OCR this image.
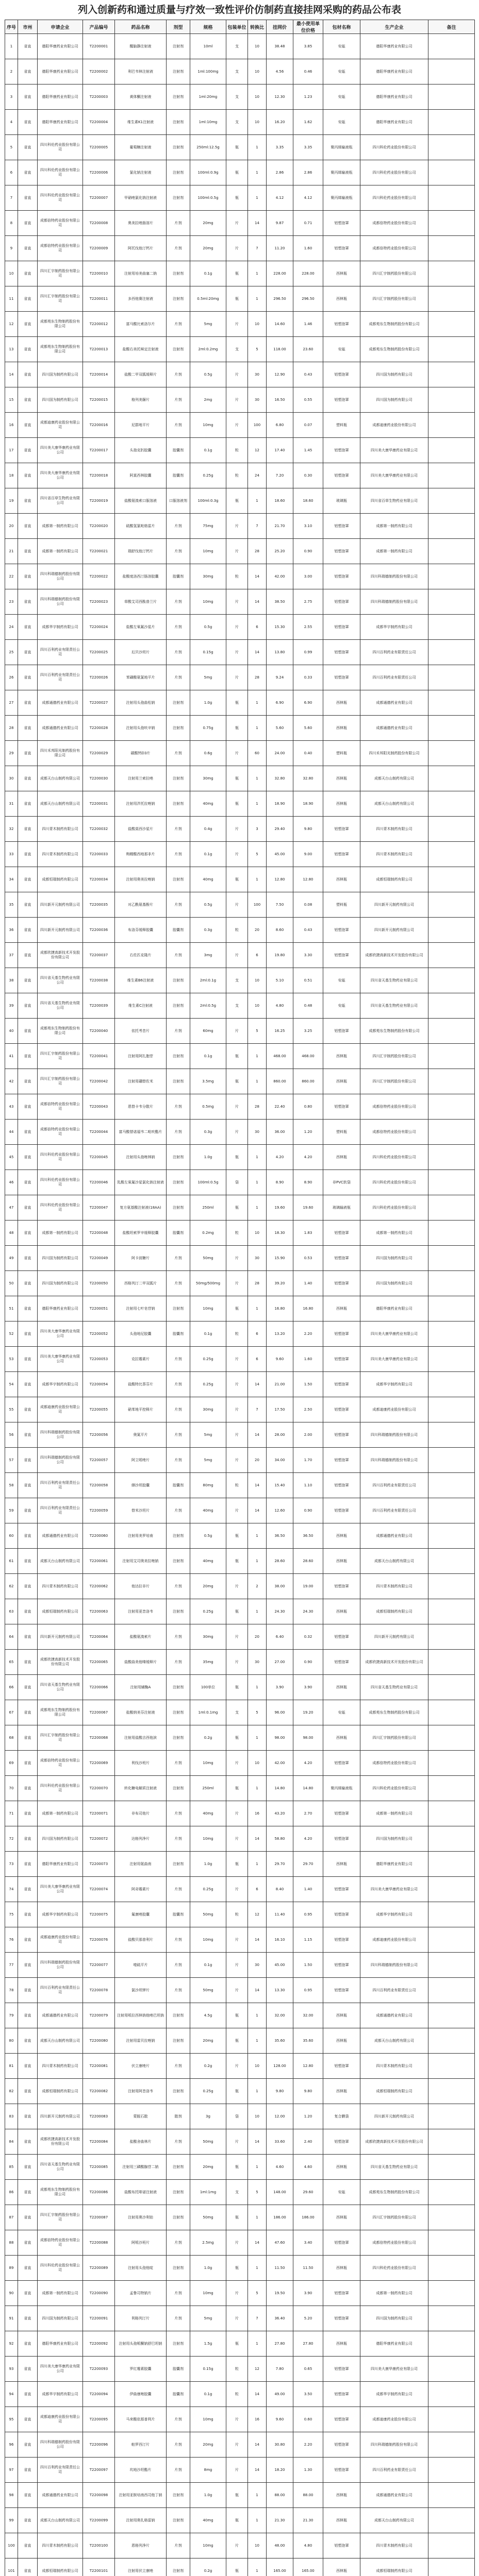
列入创新药和通过质量与疗效一致性评价仿制药直接挂网采购的药品公布表
序号	市州	申请企业	产品编号	药品名称	剂型	规格	包装单位	转换比	挂网价	最小使用单位价格	包材名称	生产企业	备注
1	省直	德阳华康药业有限公司	T2200001	醒脑静注射液	注射剂	10ml	支	10	38.48	3.85	安瓿	德阳华康药业有限公司	
2	省直	德阳华康药业有限公司	T2200002	利巴韦林注射液	注射剂	1ml:100mg	支	10	4.56	0.46	安瓿	德阳华康药业有限公司	
3	省直	德阳华康药业有限公司	T2200003	黄体酮注射液	注射剂	1ml:20mg	支	10	12.30	1.23	安瓿	德阳华康药业有限公司	
4	省直	德阳华康药业有限公司	T2200004	维生素K1注射液	注射剂	1ml:10mg	支	10	16.20	1.62	安瓿	德阳华康药业有限公司	
5	省直	四川科伦药业股份有限公司	T2200005	葡萄糖注射液	注射剂	250ml:12.5g	瓶	1	3.35	3.35	聚丙烯输液瓶	四川科伦药业股份有限公司	
6	省直	四川科伦药业股份有限公司	T2200006	氯化钠注射液	注射剂	100ml:0.9g	瓶	1	2.86	2.86	聚丙烯输液瓶	四川科伦药业股份有限公司	
7	省直	四川科伦药业股份有限公司	T2200007	甲硝唑氯化钠注射液	注射剂	100ml:0.5g	瓶	1	4.12	4.12	聚丙烯输液瓶	四川科伦药业股份有限公司	
8	省直	成都倍特药业股份有限公司	T2200008	奥美拉唑肠溶片	片剂	20mg	片	14	9.87	0.71	铝塑泡罩	成都倍特药业股份有限公司	
9	省直	成都倍特药业股份有限公司	T2200009	阿托伐他汀钙片	片剂	20mg	片	7	11.20	1.60	铝塑泡罩	成都倍特药业股份有限公司	
10	省直	四川汇宇制药股份有限公司	T2200010	注射用培美曲塞二钠	注射剂	0.1g	瓶	1	228.00	228.00	西林瓶	四川汇宇制药股份有限公司	
11	省直	四川汇宇制药股份有限公司	T2200011	多西他赛注射液	注射剂	0.5ml:20mg	瓶	1	296.50	296.50	西林瓶	四川汇宇制药股份有限公司	
12	省直	成都苑东生物制药股份有限公司	T2200012	富马酸比索洛尔片	片剂	5mg	片	10	14.60	1.46	铝塑泡罩	成都苑东生物制药股份有限公司	
13	省直	成都苑东生物制药股份有限公司	T2200013	盐酸右美托咪定注射液	注射剂	2ml:0.2mg	支	5	118.00	23.60	安瓿	成都苑东生物制药股份有限公司	
14	省直	四川国为制药有限公司	T2200014	盐酸二甲双胍缓释片	片剂	0.5g	片	30	12.90	0.43	铝塑泡罩	四川国为制药有限公司	
15	省直	四川国为制药有限公司	T2200015	格列美脲片	片剂	2mg	片	30	16.50	0.55	铝塑泡罩	四川国为制药有限公司	
16	省直	成都迪康药业股份有限公司	T2200016	尼群地平片	片剂	10mg	片	100	6.80	0.07	塑料瓶	成都迪康药业股份有限公司	
17	省直	四川美大康华康药业有限公司	T2200017	头孢克肟胶囊	胶囊剂	0.1g	粒	12	17.40	1.45	铝塑泡罩	四川美大康华康药业有限公司	
18	省直	四川美大康华康药业有限公司	T2200018	阿莫西林胶囊	胶囊剂	0.25g	粒	24	7.20	0.30	铝塑泡罩	四川美大康华康药业有限公司	
19	省直	四川省百草生物药业有限公司	T2200019	盐酸氨溴索口服溶液	口服溶液剂	100ml:0.3g	瓶	1	18.60	18.60	玻璃瓶	四川省百草生物药业有限公司	
20	省直	成都第一制药有限公司	T2200020	硫酸氢氯吡格雷片	片剂	75mg	片	7	21.70	3.10	铝塑泡罩	成都第一制药有限公司	
21	省直	成都第一制药有限公司	T2200021	瑞舒伐他汀钙片	片剂	10mg	片	28	25.20	0.90	铝塑泡罩	成都第一制药有限公司	
22	省直	四川科瑞德制药股份有限公司	T2200022	盐酸度洛西汀肠溶胶囊	胶囊剂	30mg	粒	14	42.00	3.00	铝塑泡罩	四川科瑞德制药股份有限公司	
23	省直	四川科瑞德制药股份有限公司	T2200023	草酸艾司西酞普兰片	片剂	10mg	片	14	38.50	2.75	铝塑泡罩	四川科瑞德制药股份有限公司	
24	省直	成都华宇制药有限公司	T2200024	盐酸左氧氟沙星片	片剂	0.5g	片	6	15.30	2.55	铝塑泡罩	成都华宇制药有限公司	
25	省直	四川百利药业有限责任公司	T2200025	厄贝沙坦片	片剂	0.15g	片	14	13.80	0.99	铝塑泡罩	四川百利药业有限责任公司	
26	省直	四川百利药业有限责任公司	T2200026	苯磺酸氨氯地平片	片剂	5mg	片	28	9.24	0.33	铝塑泡罩	四川百利药业有限责任公司	
27	省直	成都通德药业有限公司	T2200027	注射用头孢曲松钠	注射剂	1.0g	瓶	1	6.90	6.90	西林瓶	成都通德药业有限公司	
28	省直	成都通德药业有限公司	T2200028	注射用头孢呋辛钠	注射剂	0.75g	瓶	1	5.60	5.60	西林瓶	成都通德药业有限公司	
29	省直	四川禾邦阳光制药股份有限公司	T2200029	碳酸钙D3片	片剂	0.6g	片	60	24.00	0.40	塑料瓶	四川禾邦阳光制药股份有限公司	
30	省直	成都天台山制药有限公司	T2200030	注射用兰索拉唑	注射剂	30mg	瓶	1	32.80	32.80	西林瓶	成都天台山制药有限公司	
31	省直	成都天台山制药有限公司	T2200031	注射用泮托拉唑钠	注射剂	40mg	瓶	1	18.90	18.90	西林瓶	成都天台山制药有限公司	
32	省直	四川青木制药有限公司	T2200032	盐酸莫西沙星片	片剂	0.4g	片	3	29.40	9.80	铝塑泡罩	四川青木制药有限公司	
33	省直	四川青木制药有限公司	T2200033	枸橼酸西地那非片	片剂	0.1g	片	5	45.00	9.00	铝塑泡罩	四川青木制药有限公司	
34	省直	成都恒瑞制药有限公司	T2200034	注射用奥美拉唑钠	注射剂	40mg	瓶	1	12.80	12.80	西林瓶	成都恒瑞制药有限公司	
35	省直	四川新开元制药有限公司	T2200035	对乙酰氨基酚片	片剂	0.5g	片	100	7.50	0.08	塑料瓶	四川新开元制药有限公司	
36	省直	四川新开元制药有限公司	T2200036	布洛芬缓释胶囊	胶囊剂	0.3g	粒	20	8.60	0.43	铝塑泡罩	四川新开元制药有限公司	
37	省直	成都欣捷高新技术开发股份有限公司	T2200037	右佐匹克隆片	片剂	3mg	片	6	19.80	3.30	铝塑泡罩	成都欣捷高新技术开发股份有限公司	
38	省直	四川省天基生物药业有限公司	T2200038	维生素B6注射液	注射剂	2ml:0.1g	支	10	5.10	0.51	安瓿	四川省天基生物药业有限公司	
39	省直	四川省天基生物药业有限公司	T2200039	维生素C注射液	注射剂	2ml:0.5g	支	10	4.80	0.48	安瓿	四川省天基生物药业有限公司	
40	省直	成都苑东生物制药股份有限公司	T2200040	依托考昔片	片剂	60mg	片	5	16.25	3.25	铝塑泡罩	成都苑东生物制药股份有限公司	
41	省直	四川汇宇制药股份有限公司	T2200041	注射用阿扎胞苷	注射剂	0.1g	瓶	1	468.00	468.00	西林瓶	四川汇宇制药股份有限公司	
42	省直	四川汇宇制药股份有限公司	T2200042	注射用硼替佐米	注射剂	3.5mg	瓶	1	860.00	860.00	西林瓶	四川汇宇制药股份有限公司	
43	省直	成都倍特药业股份有限公司	T2200043	恩替卡韦分散片	片剂	0.5mg	片	28	22.40	0.80	铝塑泡罩	成都倍特药业股份有限公司	
44	省直	成都倍特药业股份有限公司	T2200044	富马酸替诺福韦二吡呋酯片	片剂	0.3g	片	30	36.00	1.20	塑料瓶	成都倍特药业股份有限公司	
45	省直	四川科伦药业股份有限公司	T2200045	注射用头孢唑林钠	注射剂	1.0g	瓶	1	4.20	4.20	西林瓶	四川科伦药业股份有限公司	
46	省直	四川科伦药业股份有限公司	T2200046	乳酸左氧氟沙星氯化钠注射液	注射剂	100ml:0.5g	袋	1	8.90	8.90	非PVC软袋	四川科伦药业股份有限公司	
47	省直	四川科伦药业股份有限公司	T2200047	复方氨基酸注射液(18AA)	注射剂	250ml	瓶	1	19.60	19.60	玻璃输液瓶	四川科伦药业股份有限公司	
48	省直	成都第一制药有限公司	T2200048	盐酸坦索罗辛缓释胶囊	胶囊剂	0.2mg	粒	10	18.30	1.83	铝塑泡罩	成都第一制药有限公司	
49	省直	四川国为制药有限公司	T2200049	阿卡波糖片	片剂	50mg	片	30	15.90	0.53	铝塑泡罩	四川国为制药有限公司	
50	省直	四川国为制药有限公司	T2200050	西格列汀二甲双胍片	片剂	50mg/500mg	片	28	39.20	1.40	铝塑泡罩	四川国为制药有限公司	
51	省直	德阳华康药业有限公司	T2200051	注射用七叶皂苷钠	注射剂	10mg	瓶	1	16.80	16.80	西林瓶	德阳华康药业有限公司	
52	省直	四川美大康华康药业有限公司	T2200052	头孢地尼胶囊	胶囊剂	0.1g	粒	6	13.20	2.20	铝塑泡罩	四川美大康华康药业有限公司	
53	省直	四川美大康华康药业有限公司	T2200053	克拉霉素片	片剂	0.25g	片	6	9.60	1.60	铝塑泡罩	四川美大康华康药业有限公司	
54	省直	成都华宇制药有限公司	T2200054	盐酸特比萘芬片	片剂	0.25g	片	14	21.00	1.50	铝塑泡罩	成都华宇制药有限公司	
55	省直	成都迪康药业股份有限公司	T2200055	硝苯地平控释片	片剂	30mg	片	7	17.50	2.50	铝塑泡罩	成都迪康药业股份有限公司	
56	省直	四川科瑞德制药股份有限公司	T2200056	奥氮平片	片剂	5mg	片	14	28.00	2.00	铝塑泡罩	四川科瑞德制药股份有限公司	
57	省直	四川科瑞德制药股份有限公司	T2200057	阿立哌唑片	片剂	5mg	片	20	34.00	1.70	铝塑泡罩	四川科瑞德制药股份有限公司	
58	省直	四川百利药业有限责任公司	T2200058	缬沙坦胶囊	胶囊剂	80mg	粒	14	15.40	1.10	铝塑泡罩	四川百利药业有限责任公司	
59	省直	四川百利药业有限责任公司	T2200059	替米沙坦片	片剂	40mg	片	14	12.60	0.90	铝塑泡罩	四川百利药业有限责任公司	
60	省直	成都通德药业有限公司	T2200060	注射用美罗培南	注射剂	0.5g	瓶	1	36.50	36.50	西林瓶	成都通德药业有限公司	
61	省直	成都天台山制药有限公司	T2200061	注射用艾司奥美拉唑钠	注射剂	40mg	瓶	1	28.60	28.60	西林瓶	成都天台山制药有限公司	
62	省直	四川青木制药有限公司	T2200062	他达拉非片	片剂	20mg	片	2	38.00	19.00	铝塑泡罩	四川青木制药有限公司	
63	省直	成都恒瑞制药有限公司	T2200063	注射用更昔洛韦	注射剂	0.25g	瓶	1	24.30	24.30	西林瓶	成都恒瑞制药有限公司	
64	省直	四川新开元制药有限公司	T2200064	盐酸氨溴索片	片剂	30mg	片	20	6.40	0.32	铝塑泡罩	四川新开元制药有限公司	
65	省直	成都欣捷高新技术开发股份有限公司	T2200065	盐酸曲美他嗪缓释片	片剂	35mg	片	30	27.00	0.90	铝塑泡罩	成都欣捷高新技术开发股份有限公司	
66	省直	四川省天基生物药业有限公司	T2200066	注射用辅酶A	注射剂	100单位	瓶	1	3.90	3.90	西林瓶	四川省天基生物药业有限公司	
67	省直	成都苑东生物制药股份有限公司	T2200067	盐酸纳美芬注射液	注射剂	1ml:0.1mg	支	5	96.00	19.20	安瓿	成都苑东生物制药股份有限公司	
68	省直	四川汇宇制药股份有限公司	T2200068	注射用盐酸吉西他滨	注射剂	0.2g	瓶	1	98.00	98.00	西林瓶	四川汇宇制药股份有限公司	
69	省直	成都倍特药业股份有限公司	T2200069	利伐沙班片	片剂	10mg	片	10	42.00	4.20	铝塑泡罩	成都倍特药业股份有限公司	
70	省直	四川科伦药业股份有限公司	T2200070	转化糖电解质注射液	注射剂	250ml	瓶	1	14.80	14.80	聚丙烯输液瓶	四川科伦药业股份有限公司	
71	省直	成都第一制药有限公司	T2200071	非布司他片	片剂	40mg	片	16	43.20	2.70	铝塑泡罩	成都第一制药有限公司	
72	省直	四川国为制药有限公司	T2200072	达格列净片	片剂	10mg	片	14	58.80	4.20	铝塑泡罩	四川国为制药有限公司	
73	省直	德阳华康药业有限公司	T2200073	注射用氨曲南	注射剂	1.0g	瓶	1	29.70	29.70	西林瓶	德阳华康药业有限公司	
74	省直	四川美大康华康药业有限公司	T2200074	阿奇霉素片	片剂	0.25g	片	6	8.40	1.40	铝塑泡罩	四川美大康华康药业有限公司	
75	省直	成都华宇制药有限公司	T2200075	氟康唑胶囊	胶囊剂	50mg	粒	12	11.40	0.95	铝塑泡罩	成都华宇制药有限公司	
76	省直	成都迪康药业股份有限公司	T2200076	盐酸贝那普利片	片剂	10mg	片	14	16.10	1.15	铝塑泡罩	成都迪康药业股份有限公司	
77	省直	四川科瑞德制药股份有限公司	T2200077	喹硫平片	片剂	0.1g	片	30	45.00	1.50	铝塑泡罩	四川科瑞德制药股份有限公司	
78	省直	四川百利药业有限责任公司	T2200078	氯沙坦钾片	片剂	50mg	片	14	13.30	0.95	铝塑泡罩	四川百利药业有限责任公司	
79	省直	成都通德药业有限公司	T2200079	注射用哌拉西林钠他唑巴坦钠	注射剂	4.5g	瓶	1	32.00	32.00	西林瓶	成都通德药业有限公司	
80	省直	成都天台山制药有限公司	T2200080	注射用雷贝拉唑钠	注射剂	20mg	瓶	1	35.60	35.60	西林瓶	成都天台山制药有限公司	
81	省直	四川青木制药有限公司	T2200081	伏立康唑片	片剂	0.2g	片	10	128.00	12.80	铝塑泡罩	四川青木制药有限公司	
82	省直	成都恒瑞制药有限公司	T2200082	注射用阿昔洛韦	注射剂	0.25g	瓶	1	9.80	9.80	西林瓶	成都恒瑞制药有限公司	
83	省直	四川新开元制药有限公司	T2200083	蒙脱石散	散剂	3g	袋	10	12.00	1.20	复合膜袋	四川新开元制药有限公司	
84	省直	成都欣捷高新技术开发股份有限公司	T2200084	盐酸舍曲林片	片剂	50mg	片	14	33.60	2.40	铝塑泡罩	成都欣捷高新技术开发股份有限公司	
85	省直	四川省天基生物药业有限公司	T2200085	注射用三磷酸腺苷二钠	注射剂	20mg	瓶	1	4.60	4.60	西林瓶	四川省天基生物药业有限公司	
86	省直	成都苑东生物制药股份有限公司	T2200086	盐酸布托啡诺注射液	注射剂	1ml:1mg	支	5	148.00	29.60	安瓿	成都苑东生物制药股份有限公司	
87	省直	四川汇宇制药股份有限公司	T2200087	注射用奥沙利铂	注射剂	50mg	瓶	1	186.00	186.00	西林瓶	四川汇宇制药股份有限公司	
88	省直	成都倍特药业股份有限公司	T2200088	阿哌沙班片	片剂	2.5mg	片	14	47.60	3.40	铝塑泡罩	成都倍特药业股份有限公司	
89	省直	四川科伦药业股份有限公司	T2200089	注射用头孢他啶	注射剂	1.0g	瓶	1	11.50	11.50	西林瓶	四川科伦药业股份有限公司	
90	省直	成都第一制药有限公司	T2200090	孟鲁司特钠片	片剂	10mg	片	5	19.50	3.90	铝塑泡罩	成都第一制药有限公司	
91	省直	四川国为制药有限公司	T2200091	利格列汀片	片剂	5mg	片	7	36.40	5.20	铝塑泡罩	四川国为制药有限公司	
92	省直	德阳华康药业有限公司	T2200092	注射用头孢哌酮钠舒巴坦钠	注射剂	1.5g	瓶	1	27.80	27.80	西林瓶	德阳华康药业有限公司	
93	省直	四川美大康华康药业有限公司	T2200093	罗红霉素胶囊	胶囊剂	0.15g	粒	12	7.80	0.65	铝塑泡罩	四川美大康华康药业有限公司	
94	省直	成都华宇制药有限公司	T2200094	伊曲康唑胶囊	胶囊剂	0.1g	粒	14	49.00	3.50	铝塑泡罩	成都华宇制药有限公司	
95	省直	成都迪康药业股份有限公司	T2200095	马来酸依那普利片	片剂	10mg	片	16	9.60	0.60	铝塑泡罩	成都迪康药业股份有限公司	
96	省直	四川科瑞德制药股份有限公司	T2200096	帕罗西汀片	片剂	20mg	片	14	30.80	2.20	铝塑泡罩	四川科瑞德制药股份有限公司	
97	省直	四川百利药业有限责任公司	T2200097	坎地沙坦酯片	片剂	8mg	片	14	18.20	1.30	铝塑泡罩	四川百利药业有限责任公司	
98	省直	成都通德药业有限公司	T2200098	注射用亚胺培南西司他丁钠	注射剂	1.0g	瓶	1	88.00	88.00	西林瓶	成都通德药业有限公司	
99	省直	成都天台山制药有限公司	T2200099	注射用奥扎格雷钠	注射剂	40mg	瓶	1	21.30	21.30	西林瓶	成都天台山制药有限公司	
100	省直	四川青木制药有限公司	T2200100	恩格列净片	片剂	10mg	片	10	48.00	4.80	铝塑泡罩	四川青木制药有限公司	
101	省直	成都恒瑞制药有限公司	T2200101	注射用伏立康唑	注射剂	0.2g	瓶	1	165.00	165.00	西林瓶	成都恒瑞制药有限公司	
